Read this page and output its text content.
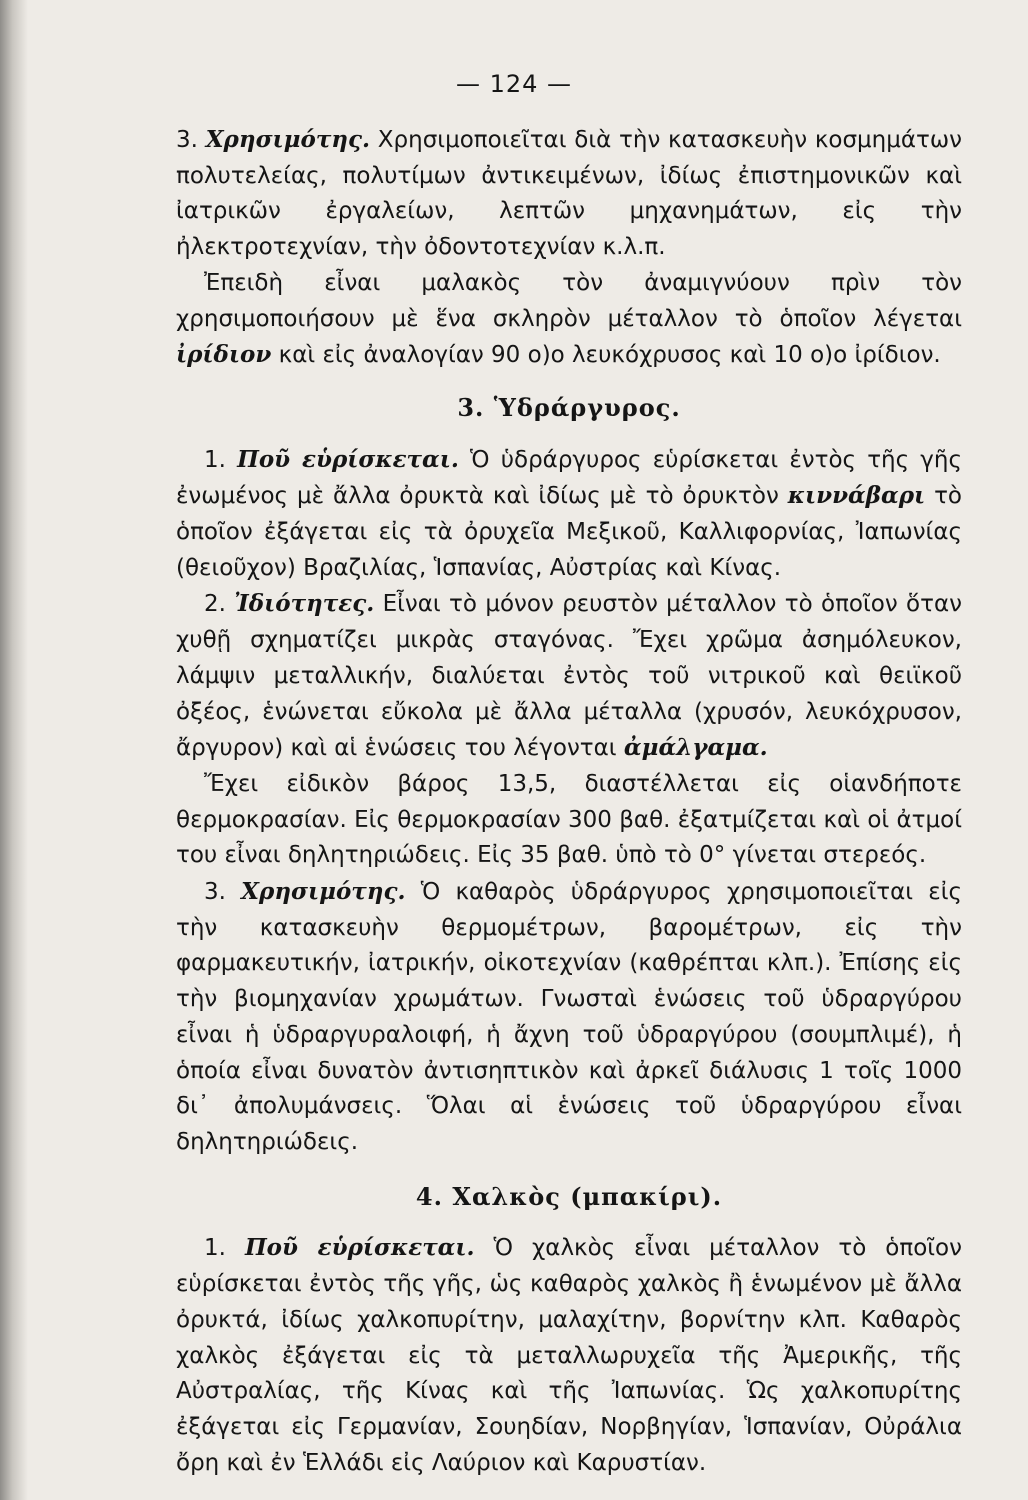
— 124 —

3. Χρησιμότης. Χρησιμοποιεῖται διὰ τὴν κατασκευὴν κοσμημάτων πολυτελείας, πολυτίμων ἀντικειμένων, ἰδίως ἐπιστημονικῶν καὶ ἰατρικῶν ἐργαλείων, λεπτῶν μηχανημάτων, εἰς τὴν ἠλεκτροτεχνίαν, τὴν ὀδοντοτεχνίαν κ.λ.π.

Ἐπειδὴ εἶναι μαλακὸς τὸν ἀναμιγνύουν πρὶν τὸν χρησιμοποιήσουν μὲ ἕνα σκληρὸν μέταλλον τὸ ὁποῖον λέγεται ἰρίδιον καὶ εἰς ἀναλογίαν 90 ο)ο λευκόχρυσος καὶ 10 ο)ο ἰρίδιον.

3. Ὑδράργυρος.

1. Ποῦ εὑρίσκεται. Ὁ ὑδράργυρος εὑρίσκεται ἐντὸς τῆς γῆς ἐνωμένος μὲ ἄλλα ὀρυκτὰ καὶ ἰδίως μὲ τὸ ὀρυκτὸν κιννάβαρι τὸ ὁποῖον ἐξάγεται εἰς τὰ ὀρυχεῖα Μεξικοῦ, Καλλιφορνίας, Ἰαπωνίας (θειοῦχον) Βραζιλίας, Ἱσπανίας, Αὐστρίας καὶ Κίνας.

2. Ἰδιότητες. Εἶναι τὸ μόνον ρευστὸν μέταλλον τὸ ὁποῖον ὅταν χυθῇ σχηματίζει μικρὰς σταγόνας. Ἔχει χρῶμα ἀσημόλευκον, λάμψιν μεταλλικήν, διαλύεται ἐντὸς τοῦ νιτρικοῦ καὶ θειϊκοῦ ὀξέος, ἑνώνεται εὔκολα μὲ ἄλλα μέταλλα (χρυσόν, λευκόχρυσον, ἄργυρον) καὶ αἱ ἑνώσεις του λέγονται ἀμάλγαμα.

Ἔχει εἰδικὸν βάρος 13,5, διαστέλλεται εἰς οἱανδήποτε θερμοκρασίαν. Εἰς θερμοκρασίαν 300 βαθ. ἐξατμίζεται καὶ οἱ ἀτμοί του εἶναι δηλητηριώδεις. Εἰς 35 βαθ. ὑπὸ τὸ 0° γίνεται στερεός.

3. Χρησιμότης. Ὁ καθαρὸς ὑδράργυρος χρησιμοποιεῖται εἰς τὴν κατασκευὴν θερμομέτρων, βαρομέτρων, εἰς τὴν φαρμακευτικήν, ἰατρικήν, οἰκοτεχνίαν (καθρέπται κλπ.). Ἐπίσης εἰς τὴν βιομηχανίαν χρωμάτων. Γνωσταὶ ἑνώσεις τοῦ ὑδραργύρου εἶναι ἡ ὑδραργυραλοιφή, ἡ ἄχνη τοῦ ὑδραργύρου (σουμπλιμέ), ἡ ὁποία εἶναι δυνατὸν ἀντισηπτικὸν καὶ ἀρκεῖ διάλυσις 1 τοῖς 1000 δι᾿ ἀπολυμάνσεις. Ὅλαι αἱ ἑνώσεις τοῦ ὑδραργύρου εἶναι δηλητηριώδεις.

4. Χαλκὸς (μπακίρι).

1. Ποῦ εὑρίσκεται. Ὁ χαλκὸς εἶναι μέταλλον τὸ ὁποῖον εὑρίσκεται ἐντὸς τῆς γῆς, ὡς καθαρὸς χαλκὸς ἢ ἑνωμένον μὲ ἄλλα ὀρυκτά, ἰδίως χαλκοπυρίτην, μαλαχίτην, βορνίτην κλπ. Καθαρὸς χαλκὸς ἐξάγεται εἰς τὰ μεταλλωρυχεῖα τῆς Ἀμερικῆς, τῆς Αὐστραλίας, τῆς Κίνας καὶ τῆς Ἰαπωνίας. Ὡς χαλκοπυρίτης ἐξάγεται εἰς Γερμανίαν, Σουηδίαν, Νορβηγίαν, Ἱσπανίαν, Οὐράλια ὄρη καὶ ἐν Ἑλλάδι εἰς Λαύριον καὶ Καρυστίαν.
